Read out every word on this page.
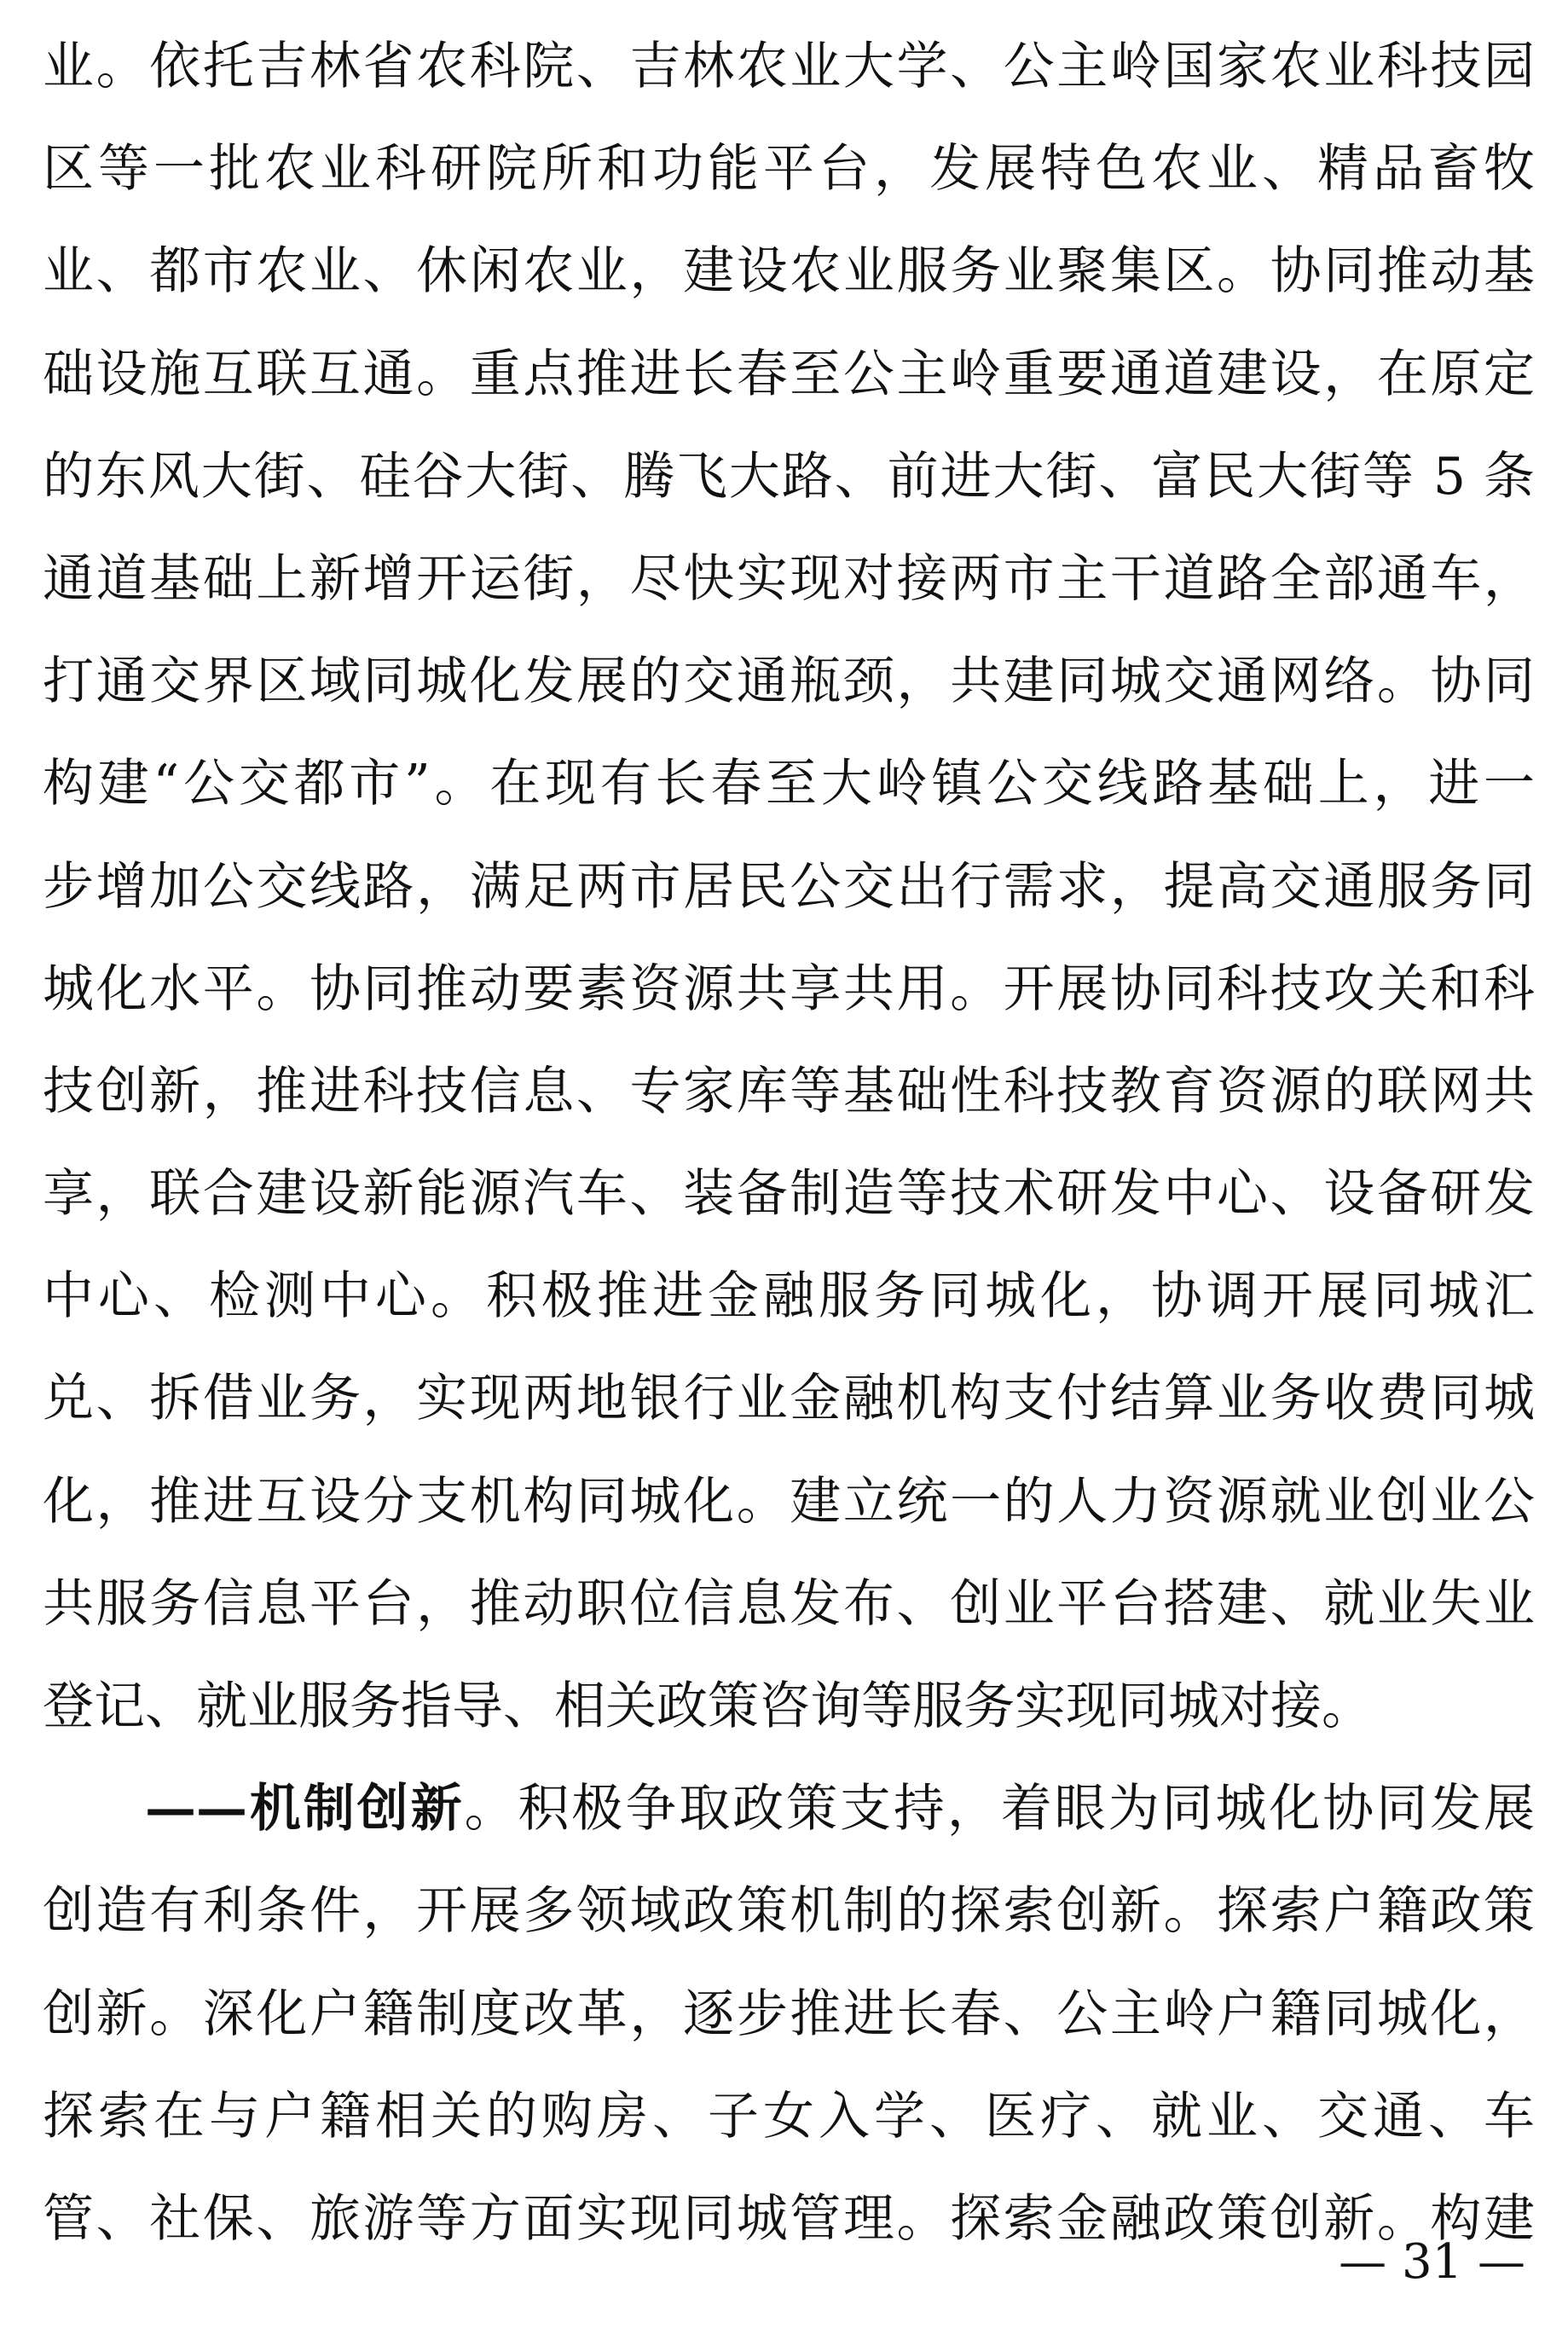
业。依托吉林省农科院、吉林农业大学、公主岭国家农业科技园
区等一批农业科研院所和功能平台，发展特色农业、精品畜牧
业、都市农业、休闲农业，建设农业服务业聚集区。协同推动基
础设施互联互通。重点推进长春至公主岭重要通道建设，在原定
的东风大街、硅谷大街、腾飞大路、前进大街、富民大街等 5 条
通道基础上新增开运街，尽快实现对接两市主干道路全部通车，
打通交界区域同城化发展的交通瓶颈，共建同城交通网络。协同
构建“公交都市”。在现有长春至大岭镇公交线路基础上，进一
步增加公交线路，满足两市居民公交出行需求，提高交通服务同
城化水平。协同推动要素资源共享共用。开展协同科技攻关和科
技创新，推进科技信息、专家库等基础性科技教育资源的联网共
享，联合建设新能源汽车、装备制造等技术研发中心、设备研发
中心、检测中心。积极推进金融服务同城化，协调开展同城汇
兑、拆借业务，实现两地银行业金融机构支付结算业务收费同城
化，推进互设分支机构同城化。建立统一的人力资源就业创业公
共服务信息平台，推动职位信息发布、创业平台搭建、就业失业
登记、就业服务指导、相关政策咨询等服务实现同城对接。
——机制创新。积极争取政策支持，着眼为同城化协同发展
创造有利条件，开展多领域政策机制的探索创新。探索户籍政策
创新。深化户籍制度改革，逐步推进长春、公主岭户籍同城化，
探索在与户籍相关的购房、子女入学、医疗、就业、交通、车
管、社保、旅游等方面实现同城管理。探索金融政策创新。构建
— 31 —
